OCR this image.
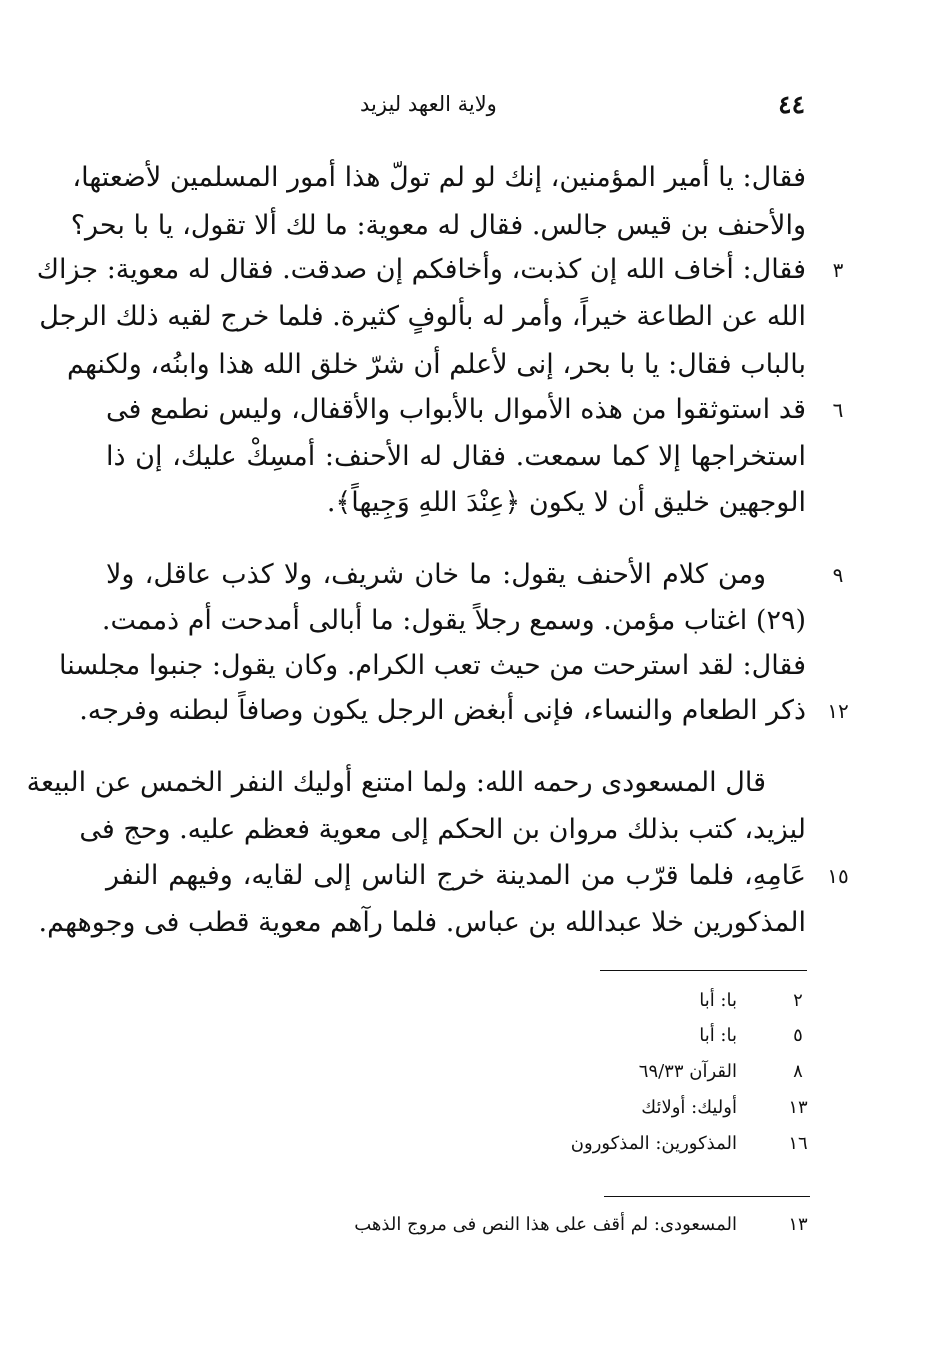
ولاية العهد ليزيد	٤٤
فقال: يا أمير المؤمنين، إنك لو لم تولّ هذا أمور المسلمين لأضعتها،
والأحنف بن قيس جالس. فقال له معوية: ما لك ألا تقول، يا با بحر؟
فقال: أخاف الله إن كذبت، وأخافكم إن صدقت. فقال له معوية: جزاك
الله عن الطاعة خيراً، وأمر له بألوفٍ كثيرة. فلما خرج لقيه ذلك الرجل
بالباب فقال: يا با بحر، إنى لأعلم أن شرّ خلق الله هذا وابنُه، ولكنهم
قد استوثقوا من هذه الأموال بالأبواب والأقفال، وليس نطمع فى
استخراجها إلا كما سمعت. فقال له الأحنف: أمسِكْ عليك، إن ذا
الوجهين خليق أن لا يكون ﴿عِنْدَ اللهِ وَجِيهاً﴾.
ومن كلام الأحنف يقول: ما خان شريف، ولا كذب عاقل، ولا
(٢٩) اغتاب مؤمن. وسمع رجلاً يقول: ما أبالى أمدحت أم ذممت.
فقال: لقد استرحت من حيث تعب الكرام. وكان يقول: جنبوا مجلسنا
ذكر الطعام والنساء، فإنى أبغض الرجل يكون وصافاً لبطنه وفرجه.
قال المسعودى رحمه الله: ولما امتنع أوليك النفر الخمس عن البيعة
ليزيد، كتب بذلك مروان بن الحكم إلى معوية فعظم عليه. وحج فى
عَامِهِ، فلما قرّب من المدينة خرج الناس إلى لقايه، وفيهم النفر
المذكورين خلا عبدالله بن عباس. فلما رآهم معوية قطب فى وجوههم.
٣
٦
٩
١٢
١٥
٢
با: أبا
٥
با: أبا
٨
القرآن ٦٩/٣٣
١٣
أوليك: أولائك
١٦
المذكورين: المذكورون
١٣
المسعودى: لم أقف على هذا النص فى مروج الذهب
